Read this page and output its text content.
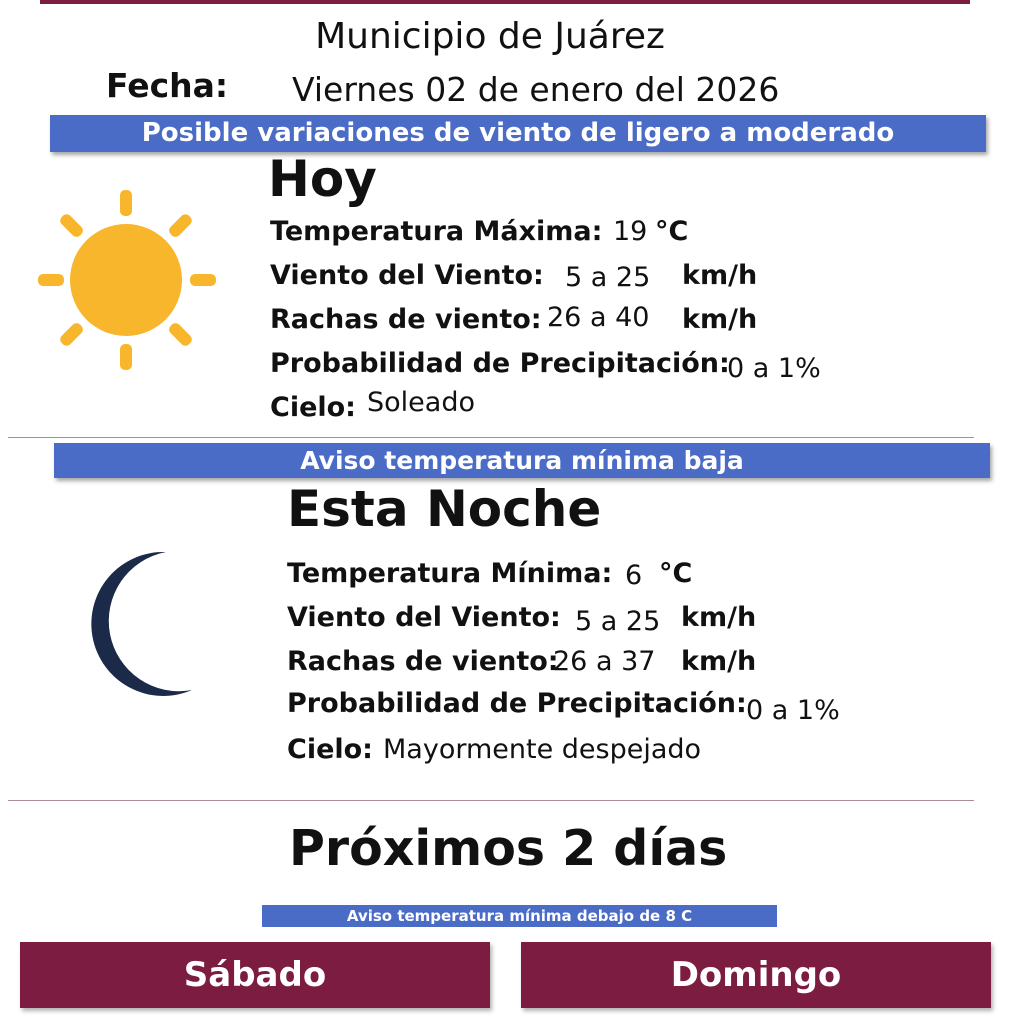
Municipio de Juárez
Fecha: Viernes 02 de enero del 2026
Posible variaciones de viento de ligero a moderado
Hoy
Temperatura Máxima: 19 °C
Viento del Viento: 5 a 25 km/h
Rachas de viento: 26 a 40 km/h
Probabilidad de Precipitación:
0 a 1%
Cielo: Soleado
Aviso temperatura mínima baja
Esta Noche
Temperatura Mínima: 6 °C
Viento del Viento: 5 a 25 km/h
Rachas de viento:
26 a 37 km/h
Probabilidad de Precipitación: 0 a 1%
Cielo: Mayormente despejado
Próximos 2 días
Aviso temperatura mínima debajo de 8 C
Sábado	Domingo
